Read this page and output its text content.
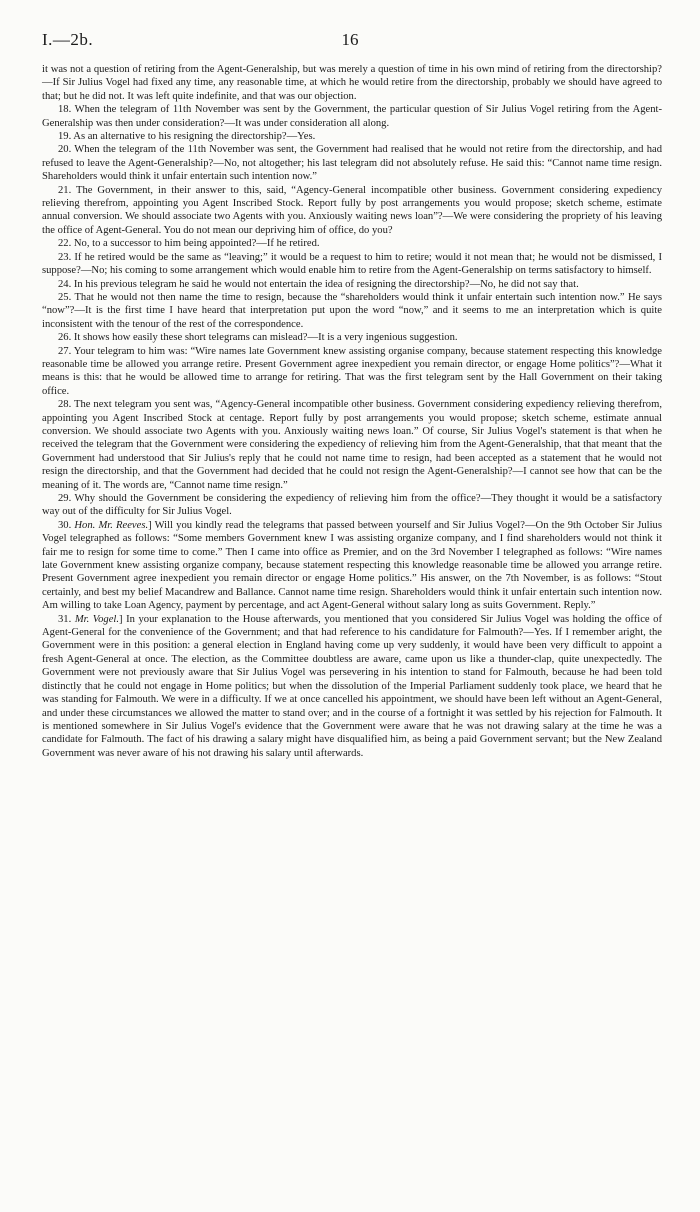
I.—2b.	16

it was not a question of retiring from the Agent-Generalship, but was merely a question of time in his own mind of retiring from the directorship?—If Sir Julius Vogel had fixed any time, any reasonable time, at which he would retire from the directorship, probably we should have agreed to that; but he did not. It was left quite indefinite, and that was our objection.

18. When the telegram of 11th November was sent by the Government, the particular question of Sir Julius Vogel retiring from the Agent-Generalship was then under consideration?—It was under consideration all along.

19. As an alternative to his resigning the directorship?—Yes.

20. When the telegram of the 11th November was sent, the Government had realised that he would not retire from the directorship, and had refused to leave the Agent-Generalship?—No, not altogether; his last telegram did not absolutely refuse. He said this: “Cannot name time resign. Shareholders would think it unfair entertain such intention now.”

21. The Government, in their answer to this, said, “Agency-General incompatible other business. Government considering expediency relieving therefrom, appointing you Agent Inscribed Stock. Report fully by post arrangements you would propose; sketch scheme, estimate annual conversion. We should associate two Agents with you. Anxiously waiting news loan”?—We were considering the propriety of his leaving the office of Agent-General. You do not mean our depriving him of office, do you?

22. No, to a successor to him being appointed?—If he retired.

23. If he retired would be the same as “leaving;” it would be a request to him to retire; would it not mean that; he would not be dismissed, I suppose?—No; his coming to some arrangement which would enable him to retire from the Agent-Generalship on terms satisfactory to himself.

24. In his previous telegram he said he would not entertain the idea of resigning the directorship?—No, he did not say that.

25. That he would not then name the time to resign, because the “shareholders would think it unfair entertain such intention now.” He says “now”?—It is the first time I have heard that interpretation put upon the word “now,” and it seems to me an interpretation which is quite inconsistent with the tenour of the rest of the correspondence.

26. It shows how easily these short telegrams can mislead?—It is a very ingenious suggestion.

27. Your telegram to him was: “Wire names late Government knew assisting organise company, because statement respecting this knowledge reasonable time be allowed you arrange retire. Present Government agree inexpedient you remain director, or engage Home politics”?—What it means is this: that he would be allowed time to arrange for retiring. That was the first telegram sent by the Hall Government on their taking office.

28. The next telegram you sent was, “Agency-General incompatible other business. Government considering expediency relieving therefrom, appointing you Agent Inscribed Stock at centage. Report fully by post arrangements you would propose; sketch scheme, estimate annual conversion. We should associate two Agents with you. Anxiously waiting news loan.” Of course, Sir Julius Vogel's statement is that when he received the telegram that the Government were considering the expediency of relieving him from the Agent-Generalship, that that meant that the Government had understood that Sir Julius's reply that he could not name time to resign, had been accepted as a statement that he would not resign the directorship, and that the Government had decided that he could not resign the Agent-Generalship?—I cannot see how that can be the meaning of it. The words are, “Cannot name time resign.”

29. Why should the Government be considering the expediency of relieving him from the office?—They thought it would be a satisfactory way out of the difficulty for Sir Julius Vogel.

30. Hon. Mr. Reeves.] Will you kindly read the telegrams that passed between yourself and Sir Julius Vogel?—On the 9th October Sir Julius Vogel telegraphed as follows: “Some members Government knew I was assisting organize company, and I find shareholders would not think it fair me to resign for some time to come.” Then I came into office as Premier, and on the 3rd November I telegraphed as follows: “Wire names late Government knew assisting organize company, because statement respecting this knowledge reasonable time be allowed you arrange retire. Present Government agree inexpedient you remain director or engage Home politics.” His answer, on the 7th November, is as follows: “Stout certainly, and best my belief Macandrew and Ballance. Cannot name time resign. Shareholders would think it unfair entertain such intention now. Am willing to take Loan Agency, payment by percentage, and act Agent-General without salary long as suits Government. Reply.”

31. Mr. Vogel.] In your explanation to the House afterwards, you mentioned that you considered Sir Julius Vogel was holding the office of Agent-General for the convenience of the Government; and that had reference to his candidature for Falmouth?—Yes. If I remember aright, the Government were in this position: a general election in England having come up very suddenly, it would have been very difficult to appoint a fresh Agent-General at once. The election, as the Committee doubtless are aware, came upon us like a thunder-clap, quite unexpectedly. The Government were not previously aware that Sir Julius Vogel was persevering in his intention to stand for Falmouth, because he had been told distinctly that he could not engage in Home politics; but when the dissolution of the Imperial Parliament suddenly took place, we heard that he was standing for Falmouth. We were in a difficulty. If we at once cancelled his appointment, we should have been left without an Agent-General, and under these circumstances we allowed the matter to stand over; and in the course of a fortnight it was settled by his rejection for Falmouth. It is mentioned somewhere in Sir Julius Vogel's evidence that the Government were aware that he was not drawing salary at the time he was a candidate for Falmouth. The fact of his drawing a salary might have disqualified him, as being a paid Government servant; but the New Zealand Government was never aware of his not drawing his salary until afterwards.
